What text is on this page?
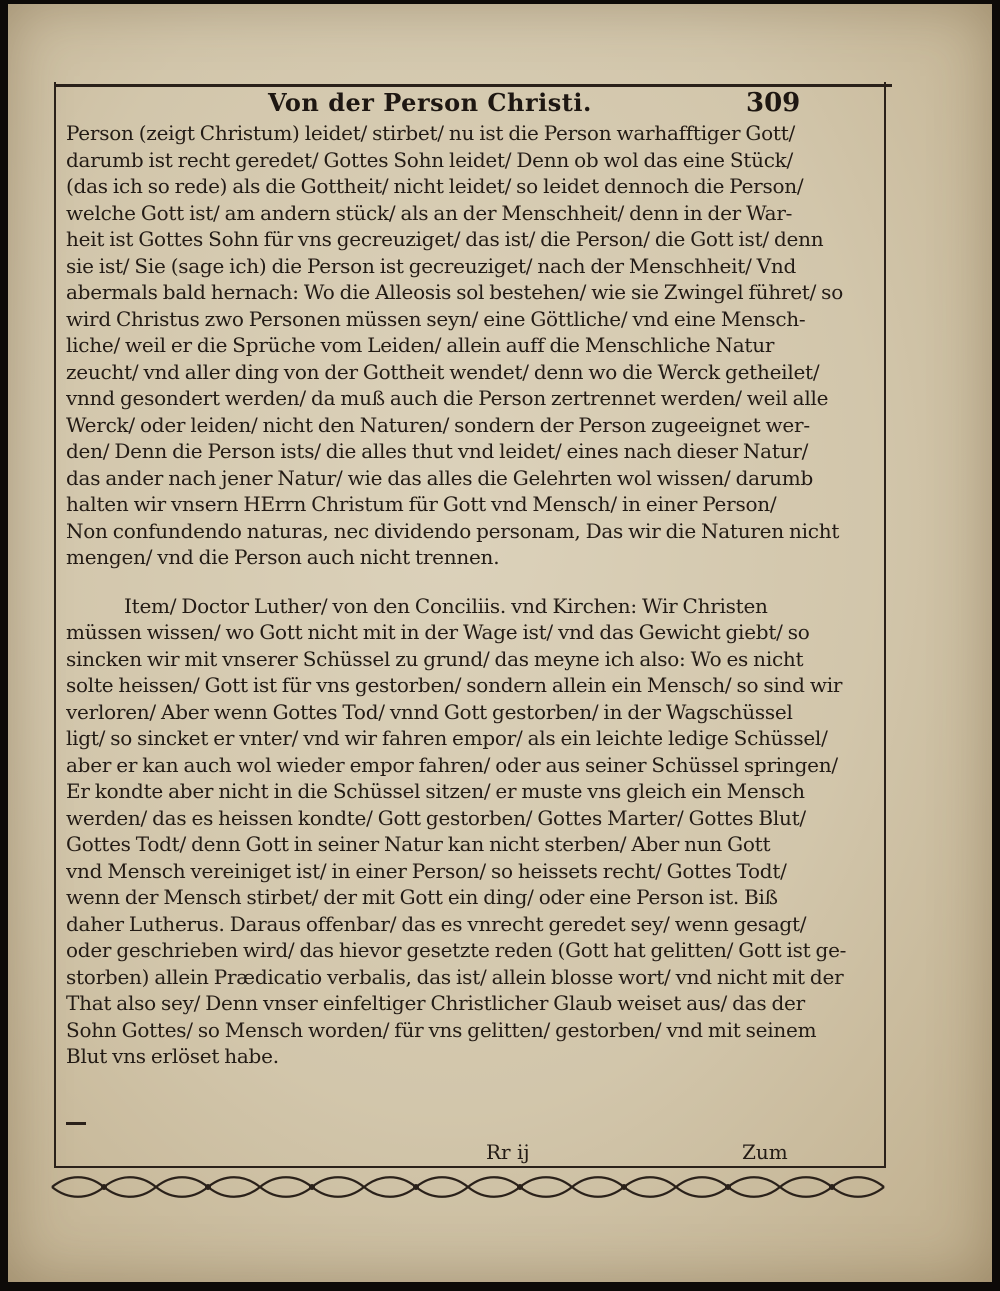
Von der Person Christi.	309
Person (zeigt Christum) leidet/ stirbet/ nu ist die Person warhafftiger Gott/
darumb ist recht geredet/ Gottes Sohn leidet/ Denn ob wol das eine Stück/
(das ich so rede) als die Gottheit/ nicht leidet/ so leidet dennoch die Person/
welche Gott ist/ am andern stück/ als an der Menschheit/ denn in der War-
heit ist Gottes Sohn für vns gecreuziget/ das ist/ die Person/ die Gott ist/ denn
sie ist/ Sie (sage ich) die Person ist gecreuziget/ nach der Menschheit/ Vnd
abermals bald hernach: Wo die Alleosis sol bestehen/ wie sie Zwingel führet/ so
wird Christus zwo Personen müssen seyn/ eine Göttliche/ vnd eine Mensch-
liche/ weil er die Sprüche vom Leiden/ allein auff die Menschliche Natur
zeucht/ vnd aller ding von der Gottheit wendet/ denn wo die Werck getheilet/
vnnd gesondert werden/ da muß auch die Person zertrennet werden/ weil alle
Werck/ oder leiden/ nicht den Naturen/ sondern der Person zugeeignet wer-
den/ Denn die Person ists/ die alles thut vnd leidet/ eines nach dieser Natur/
das ander nach jener Natur/ wie das alles die Gelehrten wol wissen/ darumb
halten wir vnsern HErrn Christum für Gott vnd Mensch/ in einer Person/
Non confundendo naturas, nec dividendo personam, Das wir die Naturen nicht
mengen/ vnd die Person auch nicht trennen.
Item/ Doctor Luther/ von den Conciliis. vnd Kirchen: Wir Christen
müssen wissen/ wo Gott nicht mit in der Wage ist/ vnd das Gewicht giebt/ so
sincken wir mit vnserer Schüssel zu grund/ das meyne ich also: Wo es nicht
solte heissen/ Gott ist für vns gestorben/ sondern allein ein Mensch/ so sind wir
verloren/ Aber wenn Gottes Tod/ vnnd Gott gestorben/ in der Wagschüssel
ligt/ so sincket er vnter/ vnd wir fahren empor/ als ein leichte ledige Schüssel/
aber er kan auch wol wieder empor fahren/ oder aus seiner Schüssel springen/
Er kondte aber nicht in die Schüssel sitzen/ er muste vns gleich ein Mensch
werden/ das es heissen kondte/ Gott gestorben/ Gottes Marter/ Gottes Blut/
Gottes Todt/ denn Gott in seiner Natur kan nicht sterben/ Aber nun Gott
vnd Mensch vereiniget ist/ in einer Person/ so heissets recht/ Gottes Todt/
wenn der Mensch stirbet/ der mit Gott ein ding/ oder eine Person ist. Biß
daher Lutherus. Daraus offenbar/ das es vnrecht geredet sey/ wenn gesagt/
oder geschrieben wird/ das hievor gesetzte reden (Gott hat gelitten/ Gott ist ge-
storben) allein Prædicatio verbalis, das ist/ allein blosse wort/ vnd nicht mit der
That also sey/ Denn vnser einfeltiger Christlicher Glaub weiset aus/ das der
Sohn Gottes/ so Mensch worden/ für vns gelitten/ gestorben/ vnd mit seinem
Blut vns erlöset habe.
Rr ij	Zum
